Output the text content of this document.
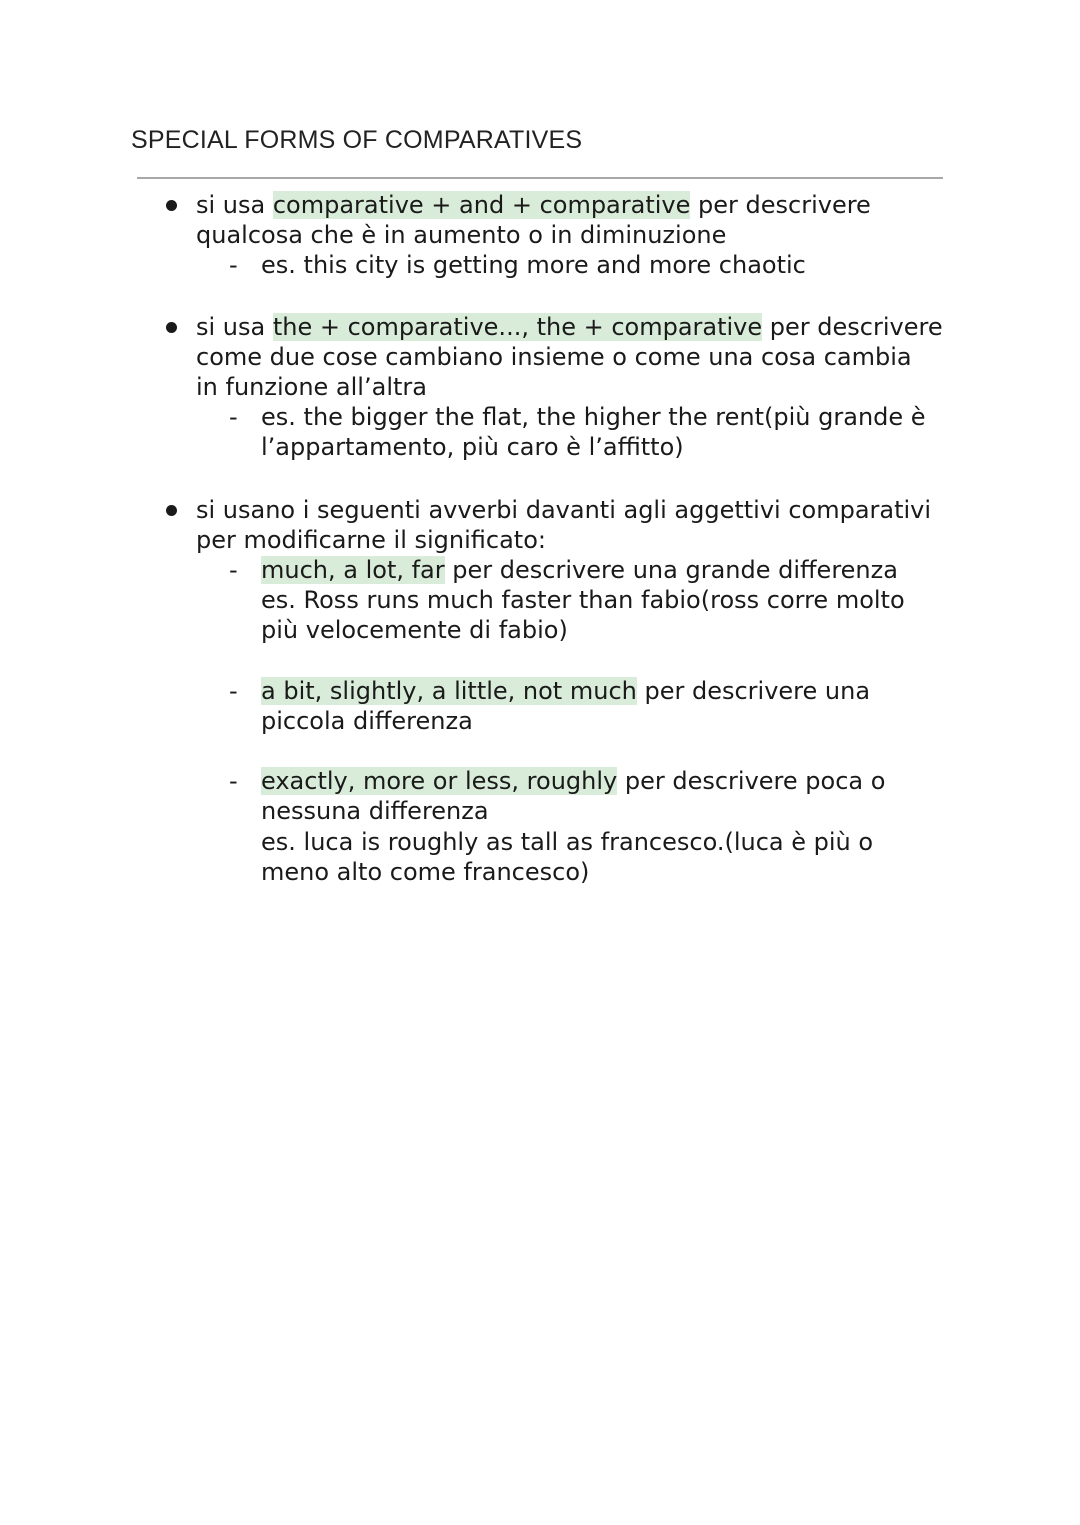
SPECIAL FORMS OF COMPARATIVES
si usa comparative + and + comparative per descrivere
qualcosa che è in aumento o in diminuzione
- es. this city is getting more and more chaotic
si usa the + comparative..., the + comparative per descrivere
come due cose cambiano insieme o come una cosa cambia
in funzione all’altra
- es. the bigger the flat, the higher the rent(più grande è
l’appartamento, più caro è l’affitto)
si usano i seguenti avverbi davanti agli aggettivi comparativi
per modificarne il significato:
- much, a lot, far per descrivere una grande differenza
es. Ross runs much faster than fabio(ross corre molto
più velocemente di fabio)
- a bit, slightly, a little, not much per descrivere una
piccola differenza
- exactly, more or less, roughly per descrivere poca o
nessuna differenza
es. luca is roughly as tall as francesco.(luca è più o
meno alto come francesco)
